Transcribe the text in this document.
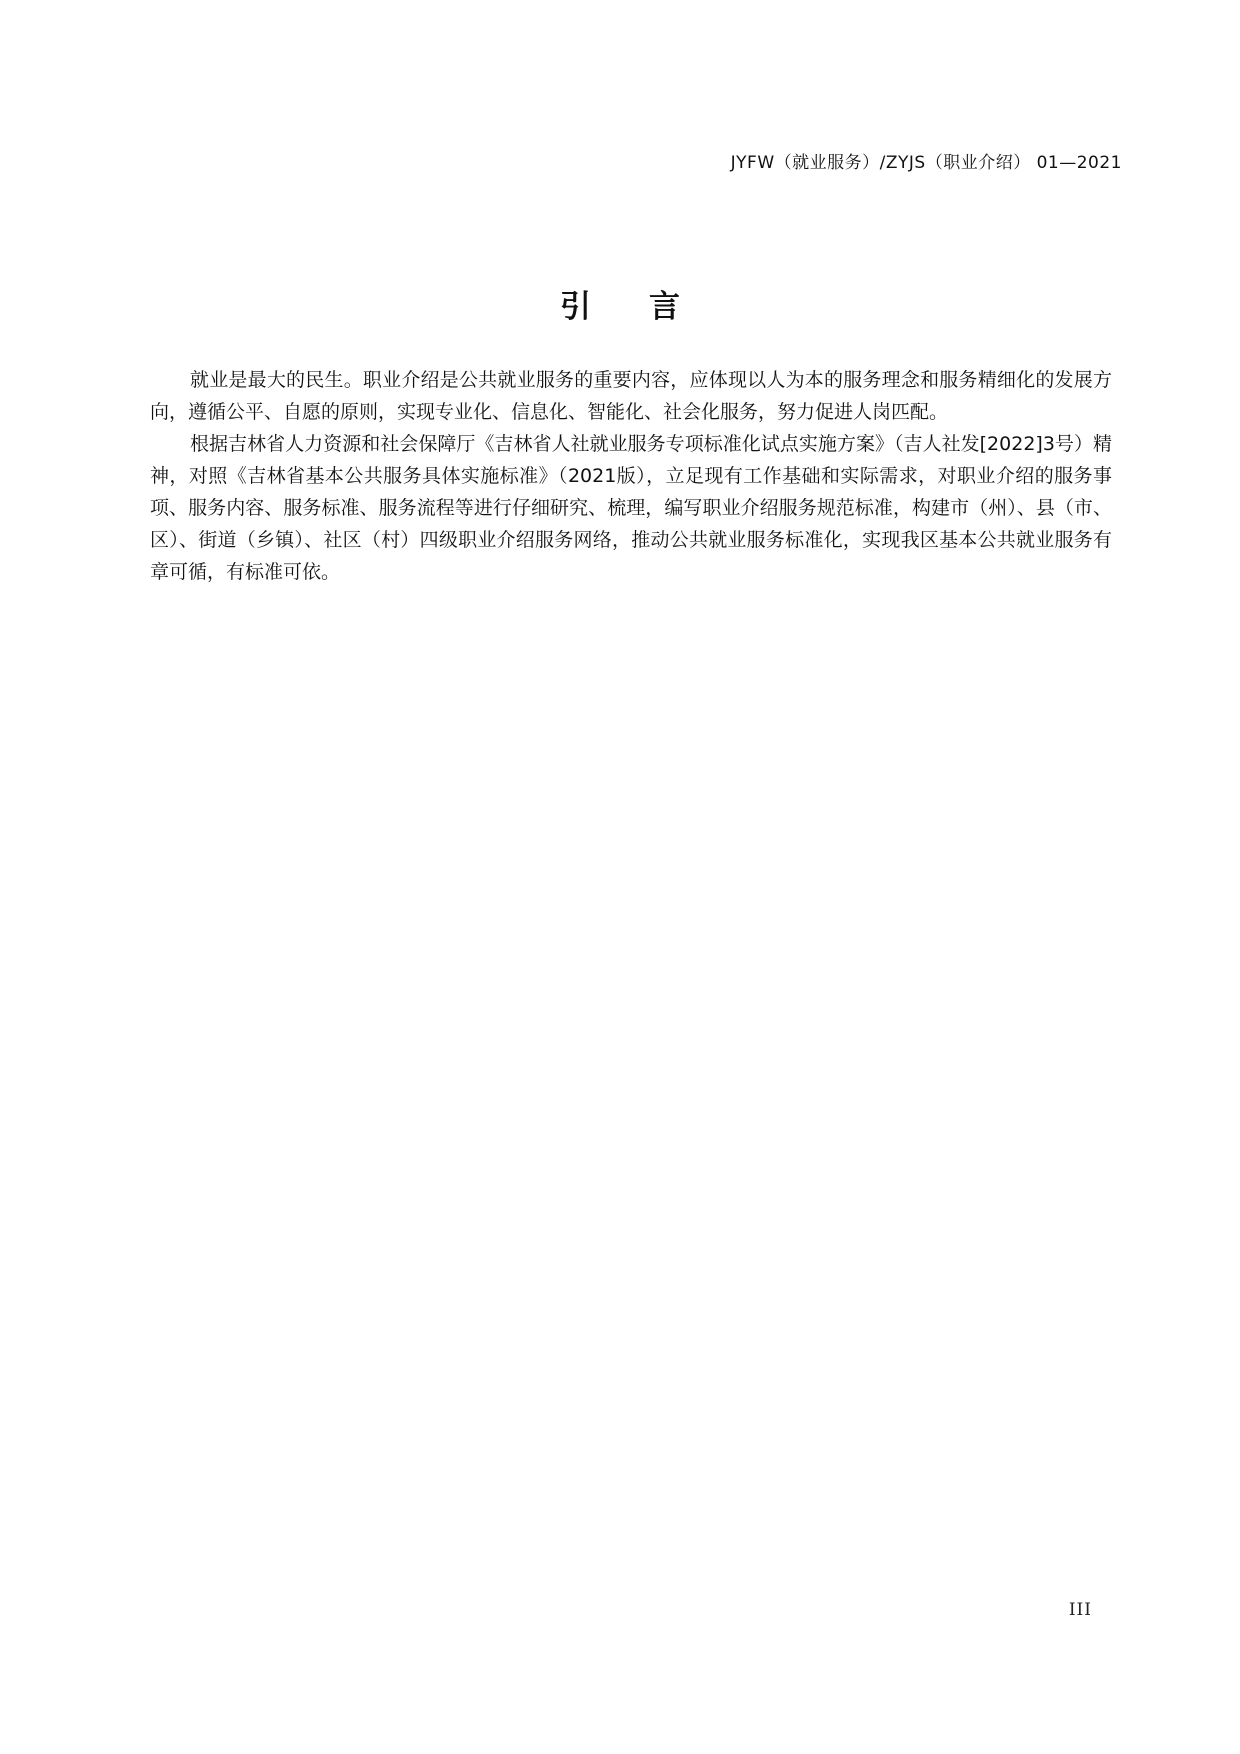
JYFW（就业服务）/ZYJS（职业介绍） 01—2021
引言

就业是最大的民生。职业介绍是公共就业服务的重要内容，应体现以人为本的服务理念和服务精细化的发展方向，遵循公平、自愿的原则，实现专业化、信息化、智能化、社会化服务，努力促进人岗匹配。

根据吉林省人力资源和社会保障厅《吉林省人社就业服务专项标准化试点实施方案》（吉人社发[2022]3号）精神，对照《吉林省基本公共服务具体实施标准》（2021版），立足现有工作基础和实际需求，对职业介绍的服务事项、服务内容、服务标准、服务流程等进行仔细研究、梳理，编写职业介绍服务规范标准，构建市（州）、县（市、区）、街道（乡镇）、社区（村）四级职业介绍服务网络，推动公共就业服务标准化，实现我区基本公共就业服务有章可循，有标准可依。

III
